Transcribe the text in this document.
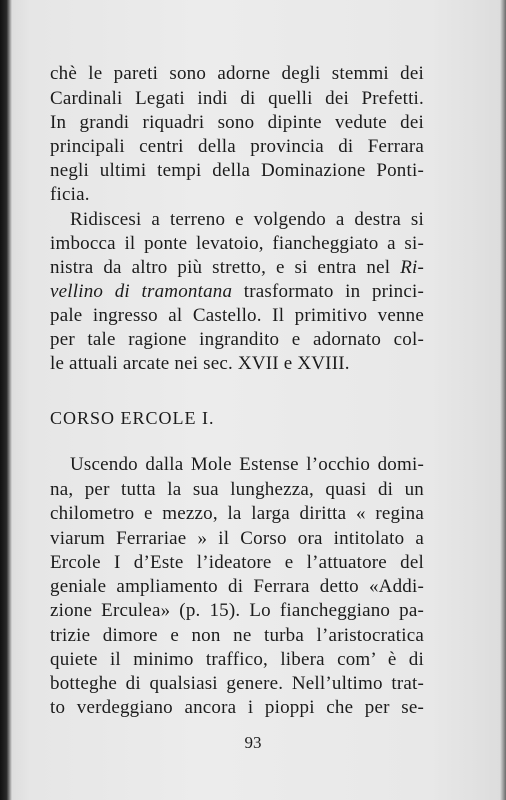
chè le pareti sono adorne degli stemmi dei
Cardinali Legati indi di quelli dei Prefetti.
In grandi riquadri sono dipinte vedute dei
principali centri della provincia di Ferrara
negli ultimi tempi della Dominazione Ponti-
ficia.
Ridiscesi a terreno e volgendo a destra si
imbocca il ponte levatoio, fiancheggiato a si-
nistra da altro più stretto, e si entra nel Ri-
vellino di tramontana trasformato in princi-
pale ingresso al Castello. Il primitivo venne
per tale ragione ingrandito e adornato col-
le attuali arcate nei sec. XVII e XVIII.
CORSO ERCOLE I.
Uscendo dalla Mole Estense l’occhio domi-
na, per tutta la sua lunghezza, quasi di un
chilometro e mezzo, la larga diritta « regina
viarum Ferrariae » il Corso ora intitolato a
Ercole I d’Este l’ideatore e l’attuatore del
geniale ampliamento di Ferrara detto «Addi-
zione Erculea» (p. 15). Lo fiancheggiano pa-
trizie dimore e non ne turba l’aristocratica
quiete il minimo traffico, libera com’ è di
botteghe di qualsiasi genere. Nell’ultimo trat-
to verdeggiano ancora i pioppi che per se-
93
